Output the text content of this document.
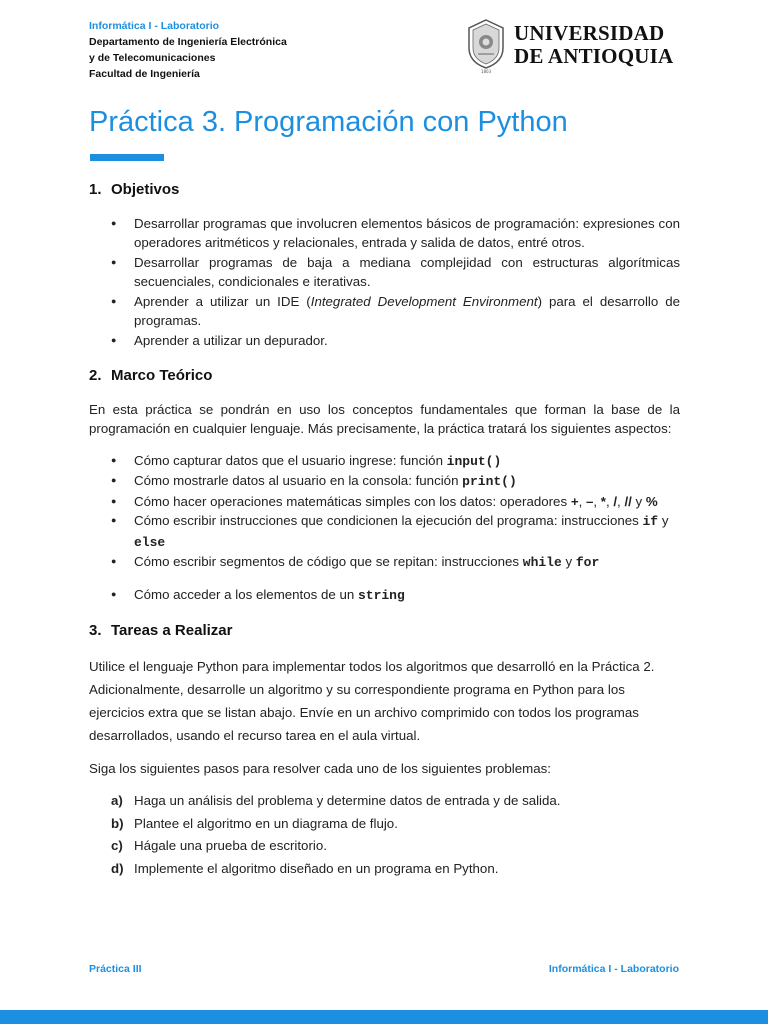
Informática I - Laboratorio
Departamento de Ingeniería Electrónica
y de Telecomunicaciones
Facultad de Ingeniería	1803
UNIVERSIDAD
DE ANTIOQUIA
Práctica 3. Programación con Python
1. Objetivos
● Desarrollar programas que involucren elementos básicos de programación: expresiones con operadores aritméticos y relacionales, entrada y salida de datos, entré otros.
● Desarrollar programas de baja a mediana complejidad con estructuras algorítmicas secuenciales, condicionales e iterativas.
● Aprender a utilizar un IDE (Integrated Development Environment) para el desarrollo de programas.
● Aprender a utilizar un depurador.
2. Marco Teórico

En esta práctica se pondrán en uso los conceptos fundamentales que forman la base de la programación en cualquier lenguaje. Más precisamente, la práctica tratará los siguientes aspectos:

● Cómo capturar datos que el usuario ingrese: función input()
● Cómo mostrarle datos al usuario en la consola: función print()
● Cómo hacer operaciones matemáticas simples con los datos: operadores +, –, *, /, // y %
● Cómo escribir instrucciones que condicionen la ejecución del programa: instrucciones if y else
● Cómo escribir segmentos de código que se repitan: instrucciones while y for
● Cómo acceder a los elementos de un string
3. Tareas a Realizar

Utilice el lenguaje Python para implementar todos los algoritmos que desarrolló en la Práctica 2. Adicionalmente, desarrolle un algoritmo y su correspondiente programa en Python para los ejercicios extra que se listan abajo. Envíe en un archivo comprimido con todos los programas desarrollados, usando el recurso tarea en el aula virtual.

Siga los siguientes pasos para resolver cada uno de los siguientes problemas:

a) Haga un análisis del problema y determine datos de entrada y de salida.
b) Plantee el algoritmo en un diagrama de flujo.
c) Hágale una prueba de escritorio.
d) Implemente el algoritmo diseñado en un programa en Python.
Práctica III	Informática I - Laboratorio
